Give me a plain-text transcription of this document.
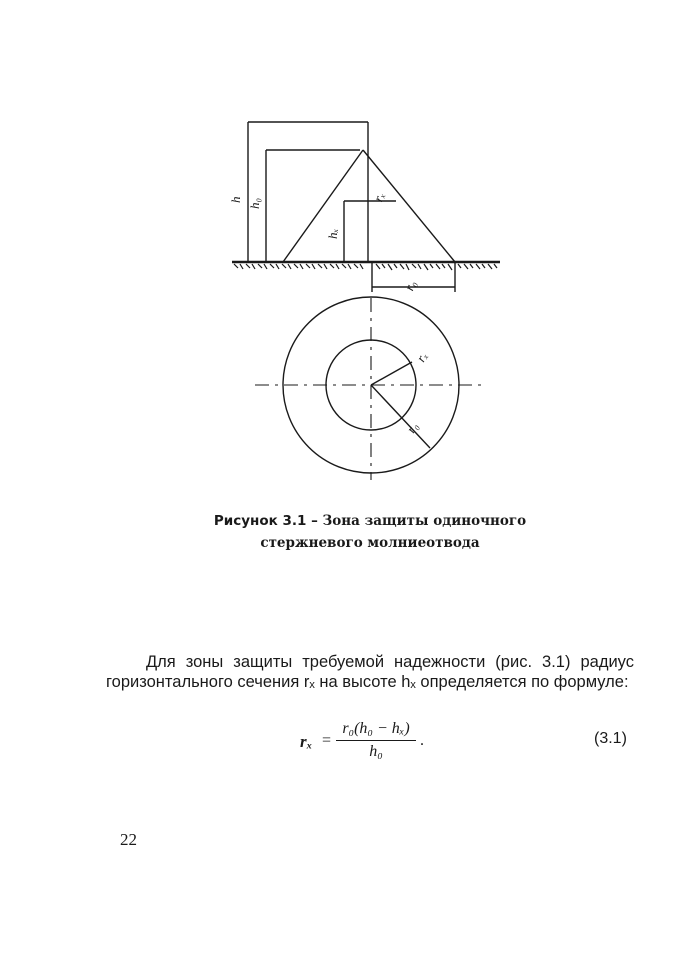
h h₀
hₓ
rₓ
r₀
rₓ
r₀
Рисунок 3.1 – Зона защиты одиночного
стержневого молниеотвода
Для зоны защиты требуемой надежности (рис. 3.1) радиус горизонтального сечения rₓ на высоте hₓ определяется по формуле:
$r_x = \frac{\text{r₀(h₀ − hₓ)}}{\text{h₀}}$ .	(3.1)
22
